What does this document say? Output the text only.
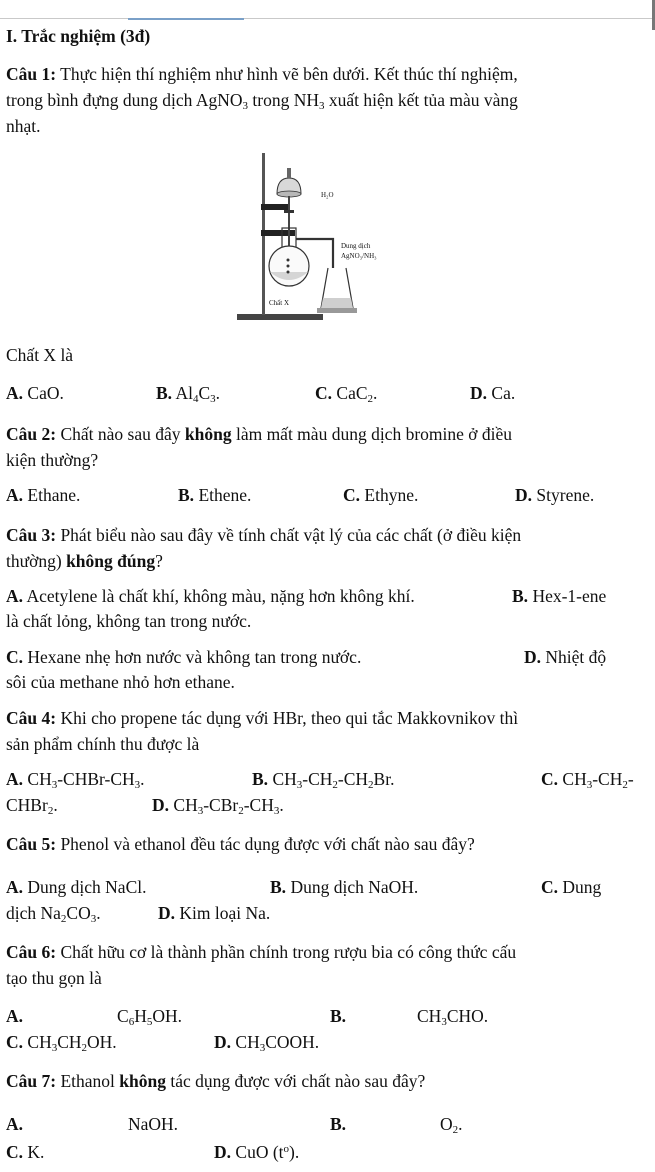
I. Trắc nghiệm (3đ)
Câu 1: Thực hiện thí nghiệm như hình vẽ bên dưới. Kết thúc thí nghiệm,
trong bình đựng dung dịch AgNO$_3$ trong $NH_3$ xuất hiện kết tủa màu vàng
nhạt.
H₂O
Dung dịch
AgNO₃/NH₃
Chất X
Chất X là
A. CaO.	B. $Al_4C_3$.	C. CaC$_2$.	D. Ca.
Câu 2: Chất nào sau đây không làm mất màu dung dịch bromine ở điều
kiện thường?
A. Ethane.	B. Ethene.	C. Ethyne.	D. Styrene.
Câu 3: Phát biểu nào sau đây về tính chất vật lý của các chất (ở điều kiện
thường) không đúng?
A. Acetylene là chất khí, không màu, nặng hơn không khí.	B. Hex-1-ene
là chất lỏng, không tan trong nước.
C. Hexane nhẹ hơn nước và không tan trong nước.	D. Nhiệt độ
sôi của methane nhỏ hơn ethane.
Câu 4: Khi cho propene tác dụng với HBr, theo qui tắc Makkovnikov thì
sản phẩm chính thu được là
A. $CH_3-CHBr-CH_3$.	B. $CH_3-CH_2-CH_2Br$.	C. $CH_3-CH_2-$
CHBr$_2$.	D. $CH_3-CBr_2-CH_3$.
Câu 5: Phenol và ethanol đều tác dụng được với chất nào sau đây?
A. Dung dịch NaCl.	B. Dung dịch NaOH.	C. Dung
dịch $Na_2CO_3$.	D. Kim loại Na.
Câu 6: Chất hữu cơ là thành phần chính trong rượu bia có công thức cấu
tạo thu gọn là
A.	$C_6H_5OH$.	B.	$CH_3CHO$.
C. $CH_3CH_2OH$.	D. $CH_3COOH$.
Câu 7: Ethanol không tác dụng được với chất nào sau đây?
A.	NaOH.	B.	$O_2$.
C. K.	D. CuO $(t^o)$.
